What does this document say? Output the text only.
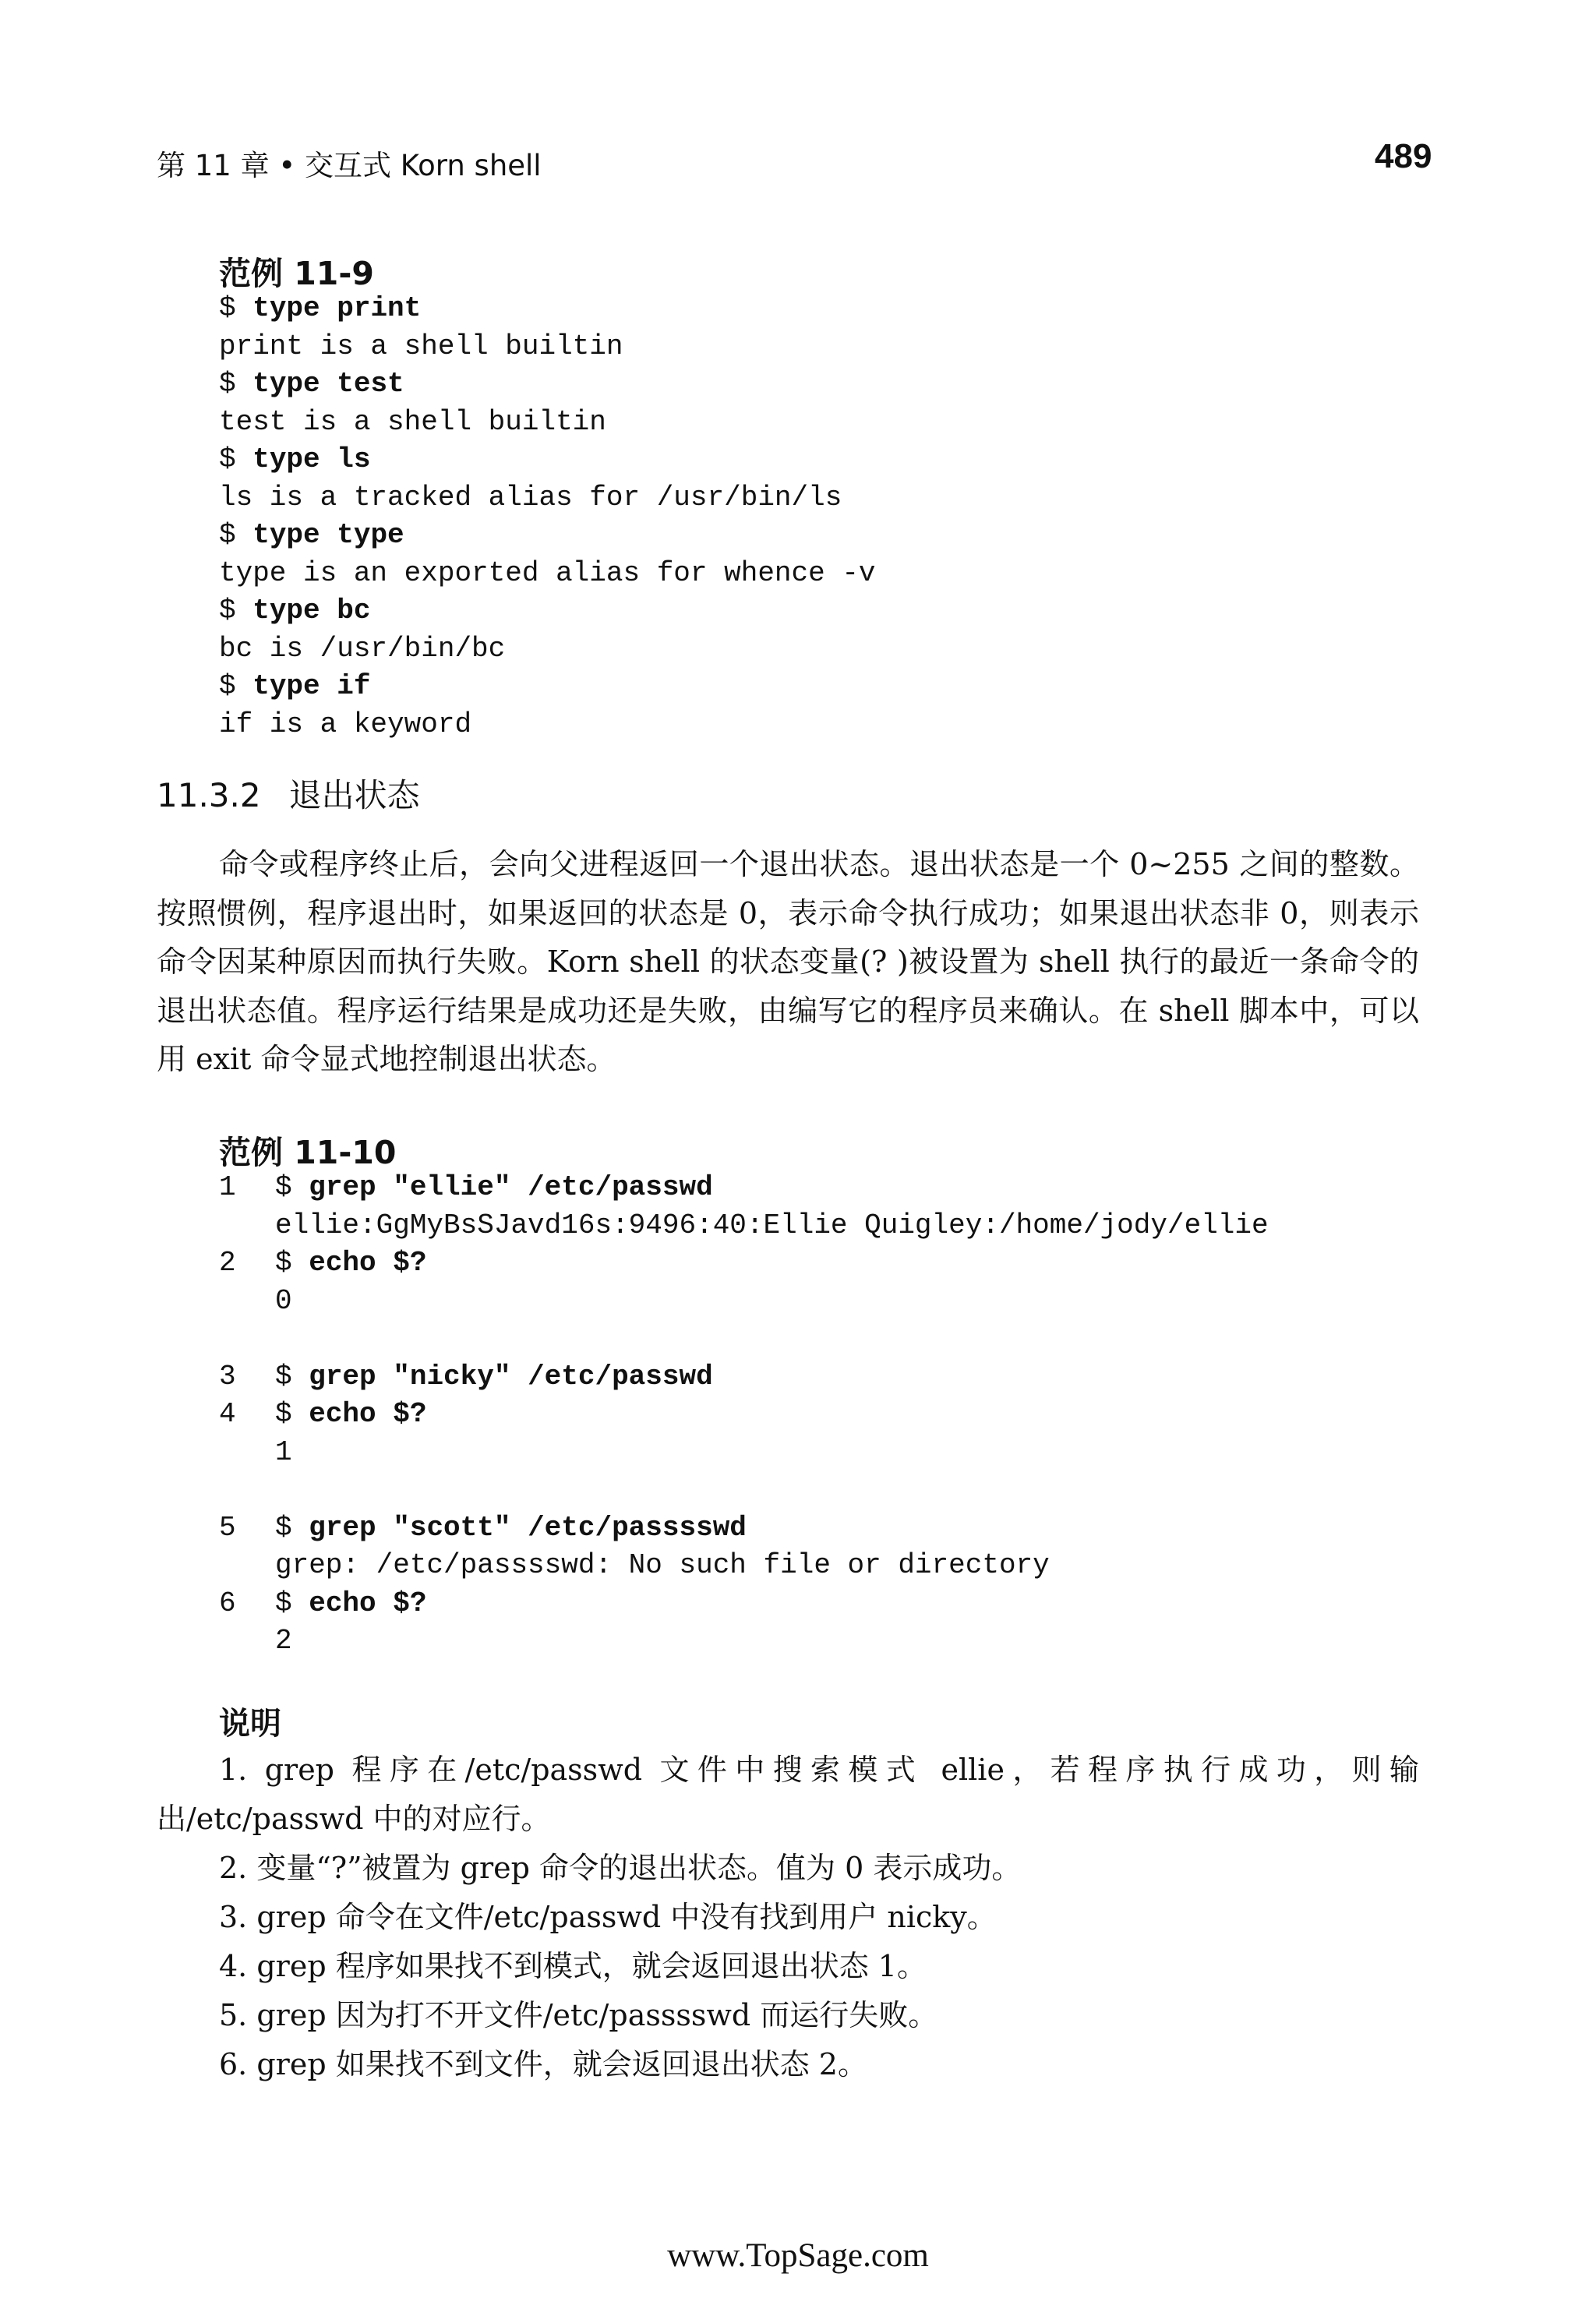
第 11 章 • 交互式 Korn shell	489
范例 11-9
$ type print
print is a shell builtin
$ type test
test is a shell builtin
$ type ls
ls is a tracked alias for /usr/bin/ls
$ type type
type is an exported alias for whence -v
$ type bc
bc is /usr/bin/bc
$ type if
if is a keyword
11.3.2 退出状态
命令或程序终止后，会向父进程返回一个退出状态。退出状态是一个 0~255 之间的整数。按照惯例，程序退出时，如果返回的状态是 0，表示命令执行成功；如果退出状态非 0，则表示命令因某种原因而执行失败。Korn shell 的状态变量(? )被设置为 shell 执行的最近一条命令的退出状态值。程序运行结果是成功还是失败，由编写它的程序员来确认。在 shell 脚本中，可以用 exit 命令显式地控制退出状态。
范例 11-10
1	$ grep "ellie" /etc/passwd
ellie:GgMyBsSJavd16s:9496:40:Ellie Quigley:/home/jody/ellie
2	$ echo $?
0
3	$ grep "nicky" /etc/passwd
4	$ echo $?
1
5	$ grep "scott" /etc/passsswd
grep: /etc/passsswd: No such file or directory
6	$ echo $?
2
说明
1. grep 程序在/etc/passwd 文件中搜索模式 ellie，若程序执行成功，则输出/etc/passwd 中的对应行。
2. 变量“?”被置为 grep 命令的退出状态。值为 0 表示成功。
3. grep 命令在文件/etc/passwd 中没有找到用户 nicky。
4. grep 程序如果找不到模式，就会返回退出状态 1。
5. grep 因为打不开文件/etc/passsswd 而运行失败。
6. grep 如果找不到文件，就会返回退出状态 2。
www.TopSage.com
